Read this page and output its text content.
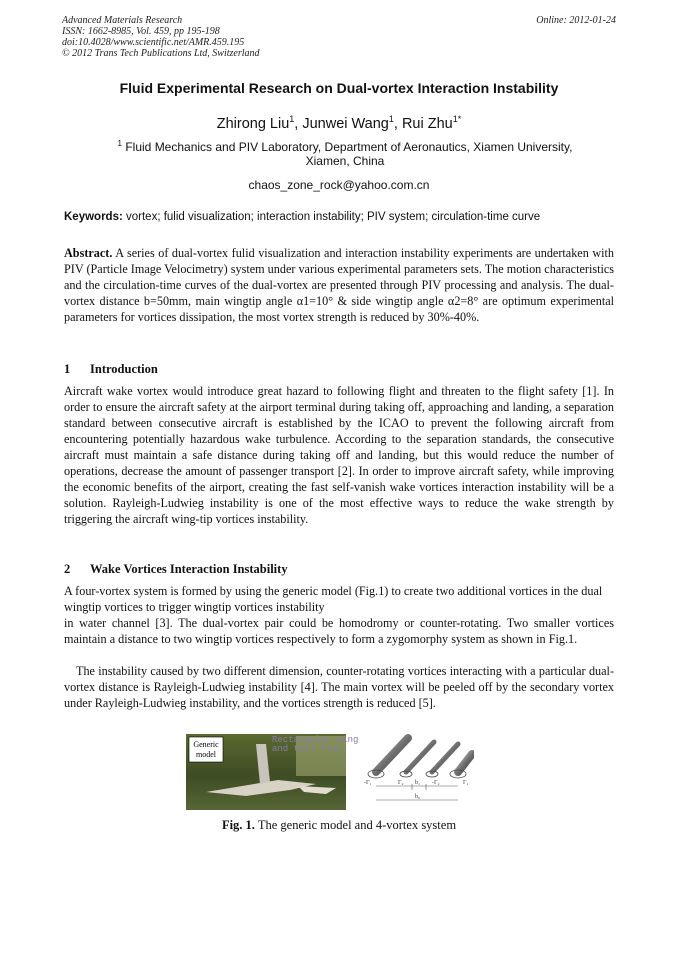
Advanced Materials Research
ISSN: 1662-8985, Vol. 459, pp 195-198
doi:10.4028/www.scientific.net/AMR.459.195
© 2012 Trans Tech Publications Ltd, Switzerland
Online: 2012-01-24
Fluid Experimental Research on Dual-vortex Interaction Instability
Zhirong Liu$^1$, Junwei Wang$^1$, Rui Zhu$^{1*}$
$^1$ Fluid Mechanics and PIV Laboratory, Department of Aeronautics, Xiamen University, Xiamen, China
chaos_zone_rock@yahoo.com.cn
Keywords: vortex; fulid visualization; interaction instability; PIV system; circulation-time curve
Abstract. A series of dual-vortex fulid visualization and interaction instability experiments are undertaken with PIV (Particle Image Velocimetry) system under various experimental parameters sets. The motion characteristics and the circulation-time curves of the dual-vortex are presented through PIV processing and analysis. The dual-vortex distance b=50mm, main wingtip angle α1=10° & side wingtip angle α2=8° are optimum experimental parameters for vortices dissipation, the most vortex strength is reduced by 30%-40%.
1 Introduction
Aircraft wake vortex would introduce great hazard to following flight and threaten to the flight safety [1]. In order to ensure the aircraft safety at the airport terminal during taking off, approaching and landing, a separation standard between consecutive aircraft is established by the ICAO to prevent the following aircraft from encountering potentially hazardous wake turbulence. According to the separation standards, the consecutive aircraft must maintain a safe distance during taking off and landing, but this would reduce the number of operations, decrease the amount of passenger transport [2]. In order to improve aircraft safety, while improving the economic benefits of the airport, creating the fast self-vanish wake vortices interaction instability will be a solution. Rayleigh-Ludwieg instability is one of the most effective ways to reduce the wake strength by triggering the aircraft wing-tip vortices instability.
2 Wake Vortices Interaction Instability
A four-vortex system is formed by using the generic model (Fig.1) to create two additional vortices in the dual wingtip vortices to trigger wingtip vortices instability
in water channel [3]. The dual-vortex pair could be homodromy or counter-rotating. Two smaller vortices maintain a distance to two wingtip vortices respectively to form a zygomorphy system as shown in Fig.1.
The instability caused by two different dimension, counter-rotating vortices interacting with a particular dual-vortex distance is Rayleigh-Ludwieg instability [4]. The main vortex will be peeled off by the secondary vortex under Rayleigh-Ludwieg instability, and the vortices strength is reduced [5].
Generic
model
Rectangular wing
and tail flat
-Γ₁	Γ₂ b₁ -Γ₂	Γ₁
b₀
Fig. 1. The generic model and 4-vortex system
